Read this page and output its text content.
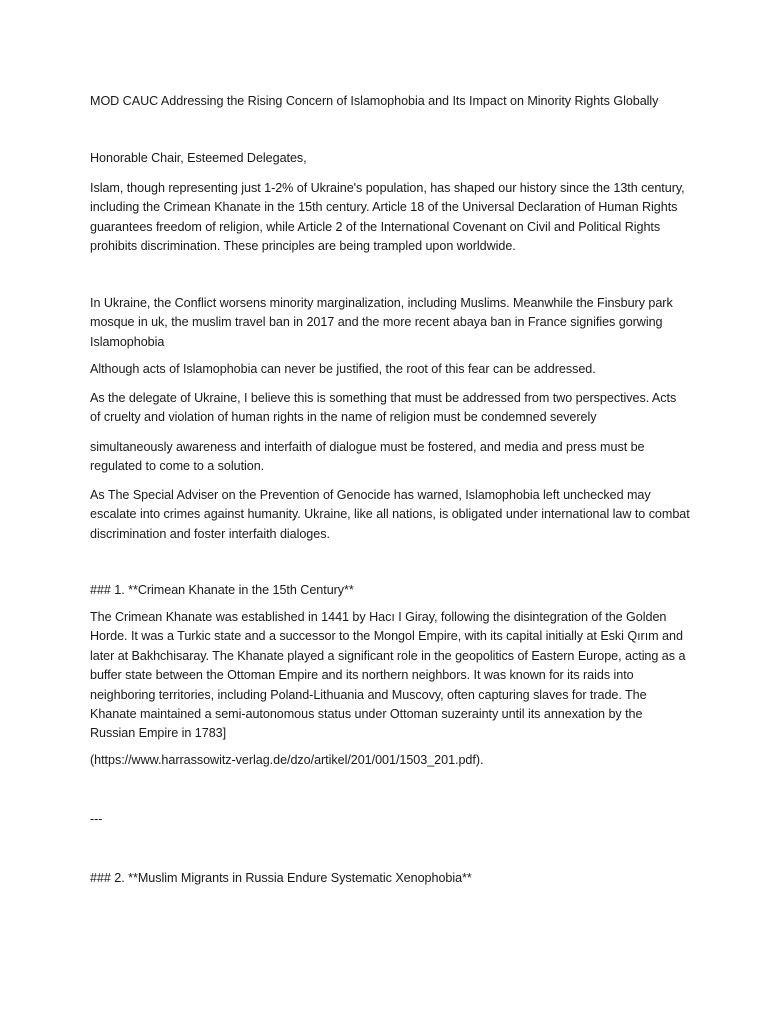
MOD CAUC Addressing the Rising Concern of Islamophobia and Its Impact on Minority Rights Globally

Honorable Chair, Esteemed Delegates,

Islam, though representing just 1-2% of Ukraine's population, has shaped our history since the 13th century, including the Crimean Khanate in the 15th century. Article 18 of the Universal Declaration of Human Rights guarantees freedom of religion, while Article 2 of the International Covenant on Civil and Political Rights prohibits discrimination. These principles are being trampled upon worldwide.

In Ukraine, the Conflict worsens minority marginalization, including Muslims. Meanwhile the Finsbury park mosque in uk, the muslim travel ban in 2017 and the more recent abaya ban in France signifies gorwing Islamophobia

Although acts of Islamophobia can never be justified, the root of this fear can be addressed.

As the delegate of Ukraine, I believe this is something that must be addressed from two perspectives. Acts of cruelty and violation of human rights in the name of religion must be condemned severely

simultaneously awareness and interfaith of dialogue must be fostered, and media and press must be regulated to come to a solution.

As The Special Adviser on the Prevention of Genocide has warned, Islamophobia left unchecked may escalate into crimes against humanity. Ukraine, like all nations, is obligated under international law to combat discrimination and foster interfaith dialoges.

### 1. **Crimean Khanate in the 15th Century**

The Crimean Khanate was established in 1441 by Hacı I Giray, following the disintegration of the Golden Horde. It was a Turkic state and a successor to the Mongol Empire, with its capital initially at Eski Qırım and later at Bakhchisaray. The Khanate played a significant role in the geopolitics of Eastern Europe, acting as a buffer state between the Ottoman Empire and its northern neighbors. It was known for its raids into neighboring territories, including Poland-Lithuania and Muscovy, often capturing slaves for trade. The Khanate maintained a semi-autonomous status under Ottoman suzerainty until its annexation by the Russian Empire in 1783]

(https://www.harrassowitz-verlag.de/dzo/artikel/201/001/1503_201.pdf).

---

### 2. **Muslim Migrants in Russia Endure Systematic Xenophobia**
